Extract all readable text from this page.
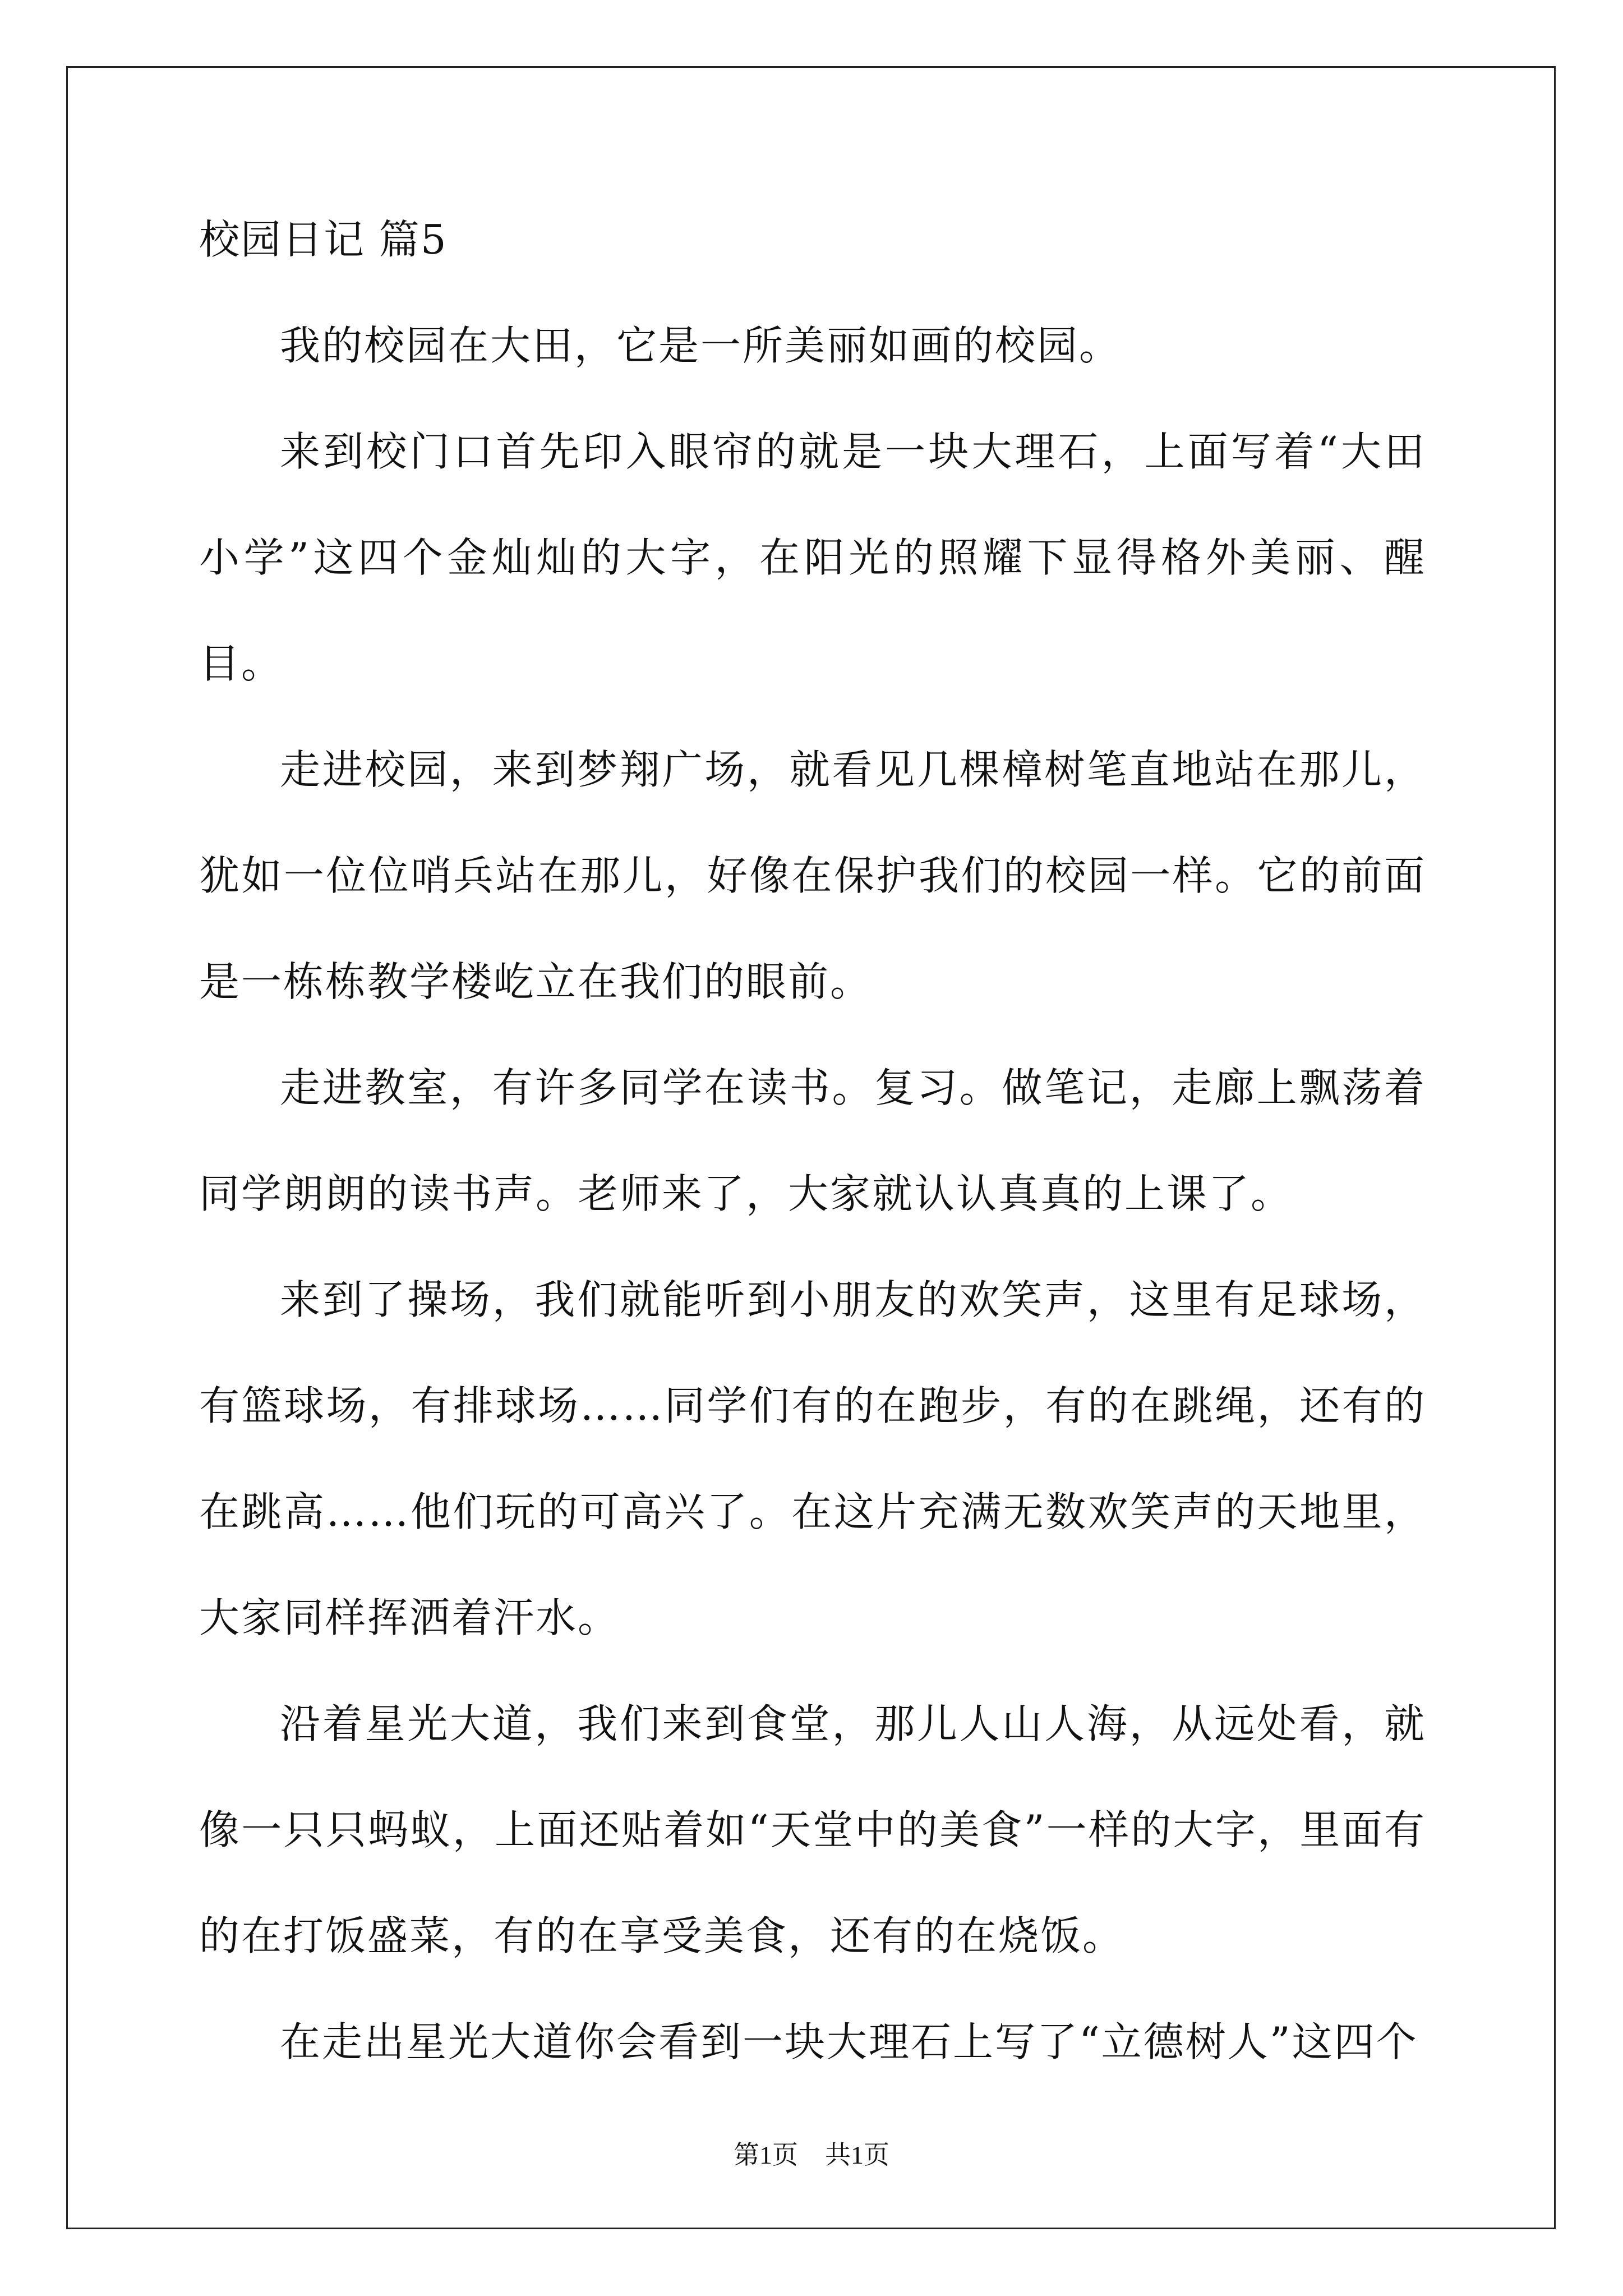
校园日记 篇5

我的校园在大田，它是一所美丽如画的校园。

来到校门口首先印入眼帘的就是一块大理石，上面写着“大田小学”这四个金灿灿的大字，在阳光的照耀下显得格外美丽、醒目。

走进校园，来到梦翔广场，就看见几棵樟树笔直地站在那儿，犹如一位位哨兵站在那儿，好像在保护我们的校园一样。它的前面是一栋栋教学楼屹立在我们的眼前。

走进教室，有许多同学在读书。复习。做笔记，走廊上飘荡着同学朗朗的读书声。老师来了，大家就认认真真的上课了。

来到了操场，我们就能听到小朋友的欢笑声，这里有足球场，有篮球场，有排球场……同学们有的在跑步，有的在跳绳，还有的在跳高……他们玩的可高兴了。在这片充满无数欢笑声的天地里，大家同样挥洒着汗水。

沿着星光大道，我们来到食堂，那儿人山人海，从远处看，就像一只只蚂蚁，上面还贴着如“天堂中的美食”一样的大字，里面有的在打饭盛菜，有的在享受美食，还有的在烧饭。

在走出星光大道你会看到一块大理石上写了“立德树人”这四个

第1页 共1页
